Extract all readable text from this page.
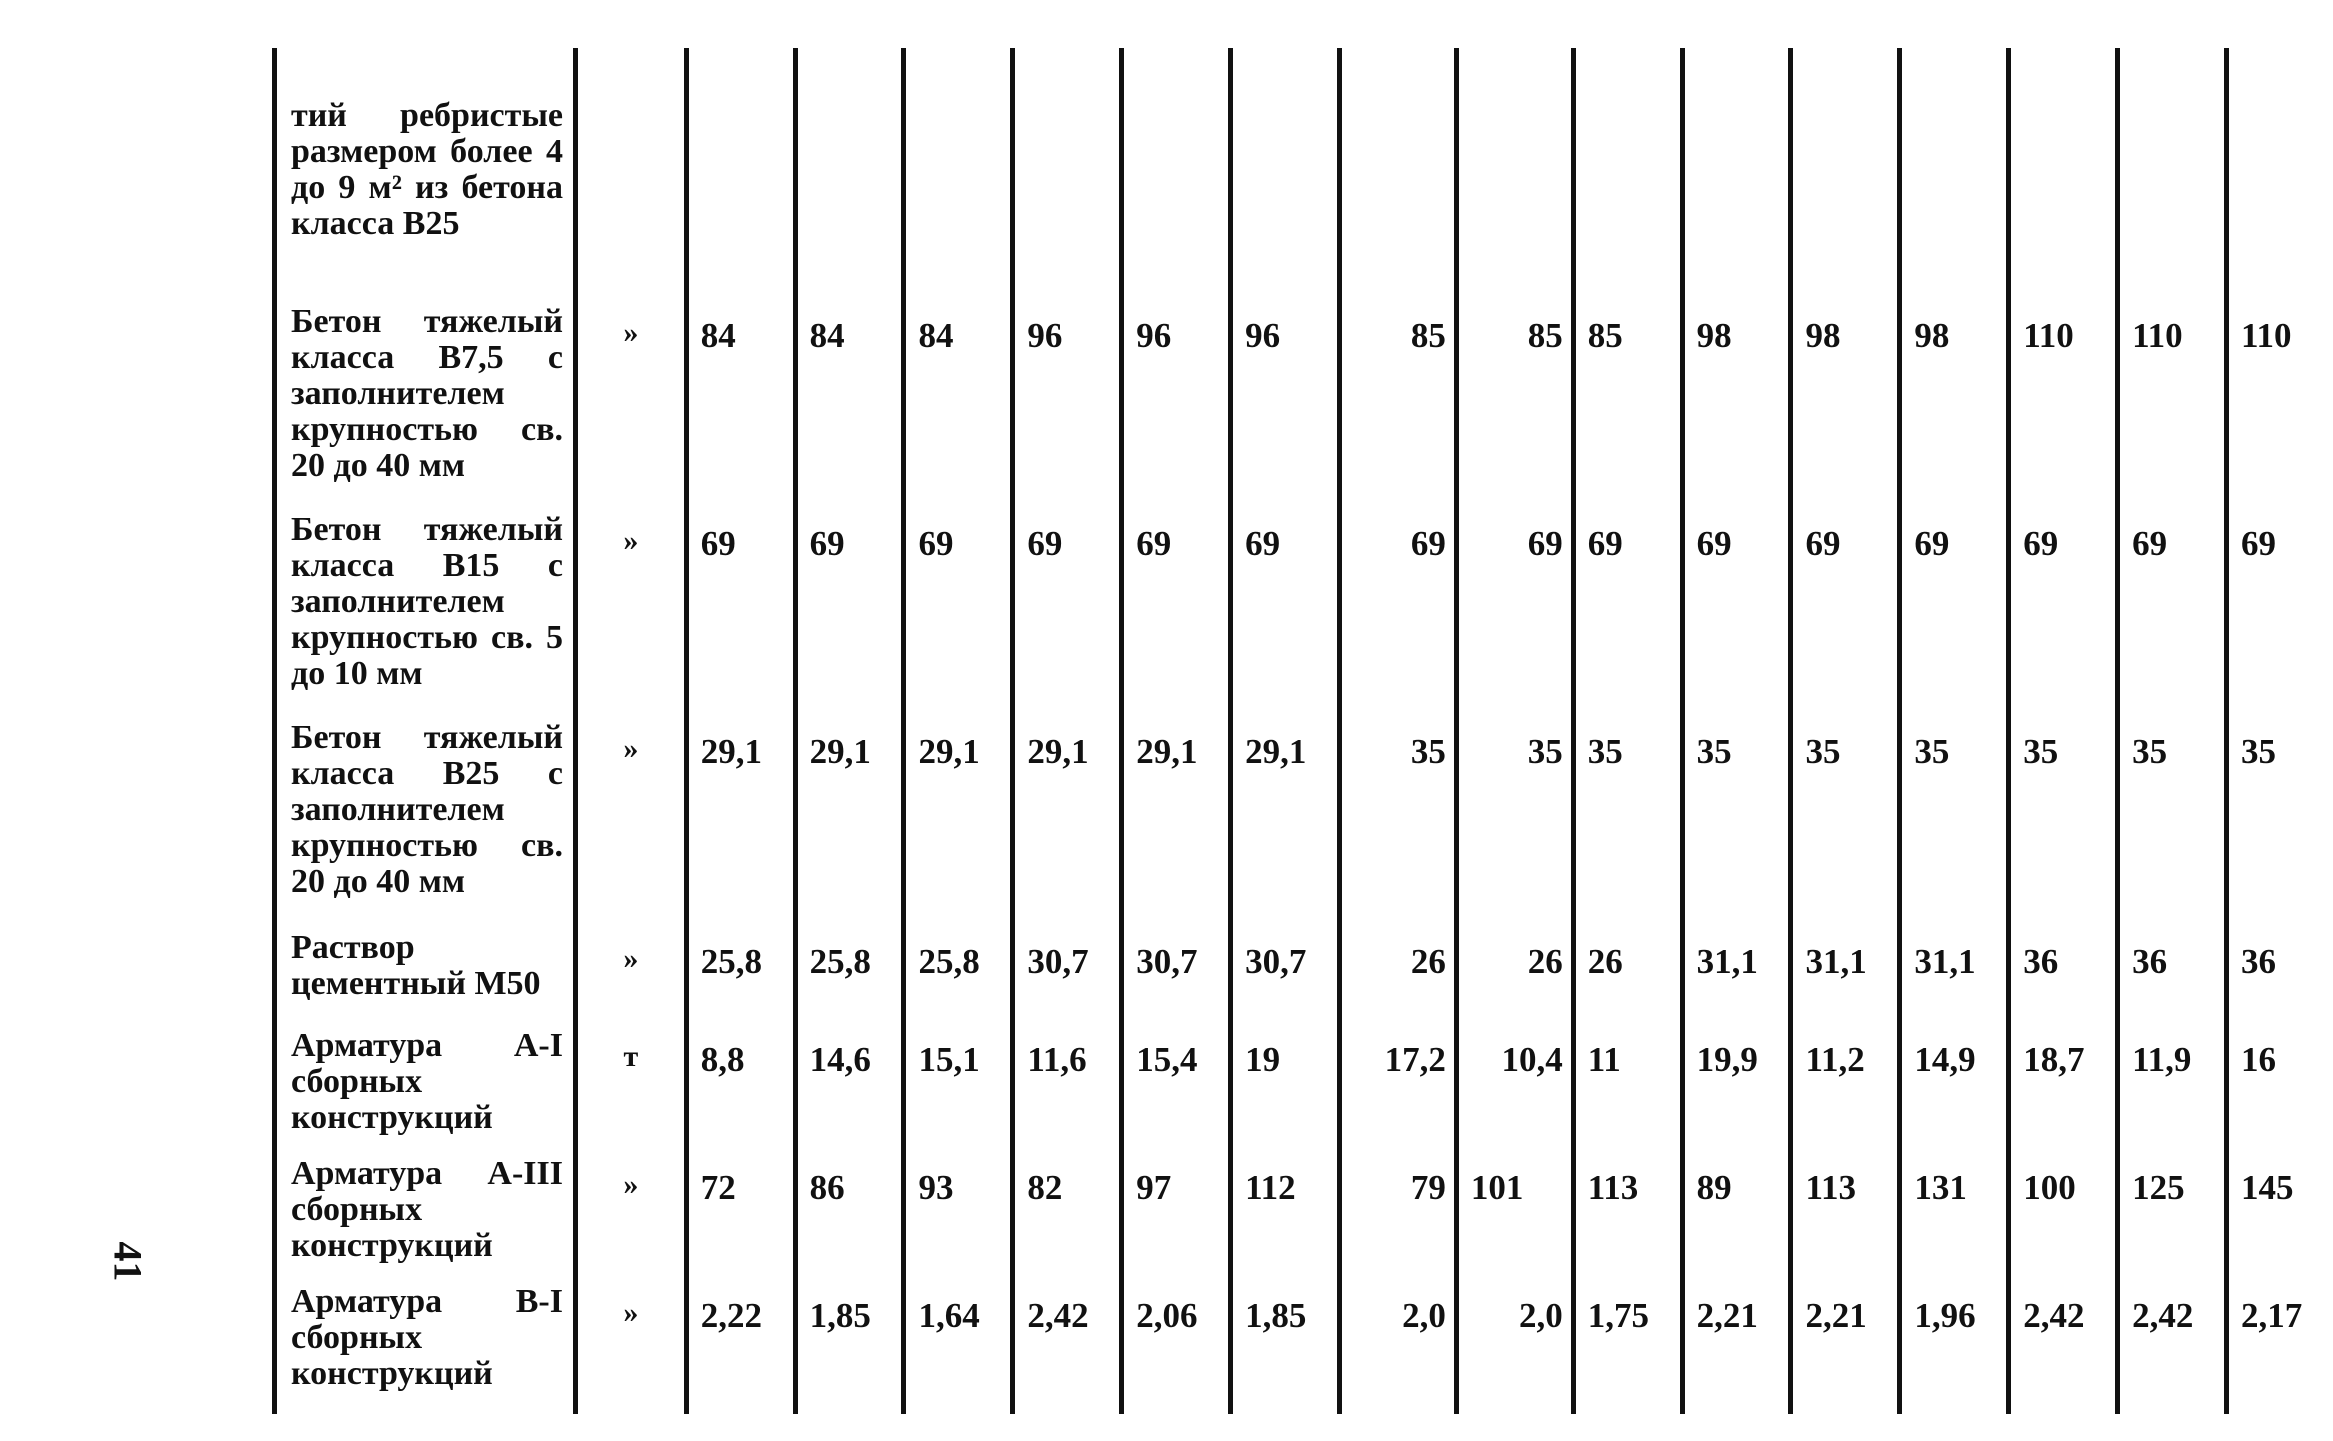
41
тий ребристые размером более 4 до 9 м² из бетона класса В25																
Бетон тяжелый класса В7,5 с заполнителем крупностью св. 20 до 40 мм	»	84	84	84	96	96	96	85	85	85	98	98	98	110	110	110
Бетон тяжелый класса В15 с заполнителем крупностью св. 5 до 10 мм	»	69	69	69	69	69	69	69	69	69	69	69	69	69	69	69
Бетон тяжелый класса В25 с заполнителем крупностью св. 20 до 40 мм	»	29,1	29,1	29,1	29,1	29,1	29,1	35	35	35	35	35	35	35	35	35
Раствор цементный М50	»	25,8	25,8	25,8	30,7	30,7	30,7	26	26	26	31,1	31,1	31,1	36	36	36
Арматура А-I сборных конструкций	т	8,8	14,6	15,1	11,6	15,4	19	17,2	10,4	11	19,9	11,2	14,9	18,7	11,9	16
Арматура А-III сборных конструкций	»	72	86	93	82	97	112	79	101	113	89	113	131	100	125	145
Арматура В-I сборных конструкций	»	2,22	1,85	1,64	2,42	2,06	1,85	2,0	2,0	1,75	2,21	2,21	1,96	2,42	2,42	2,17
